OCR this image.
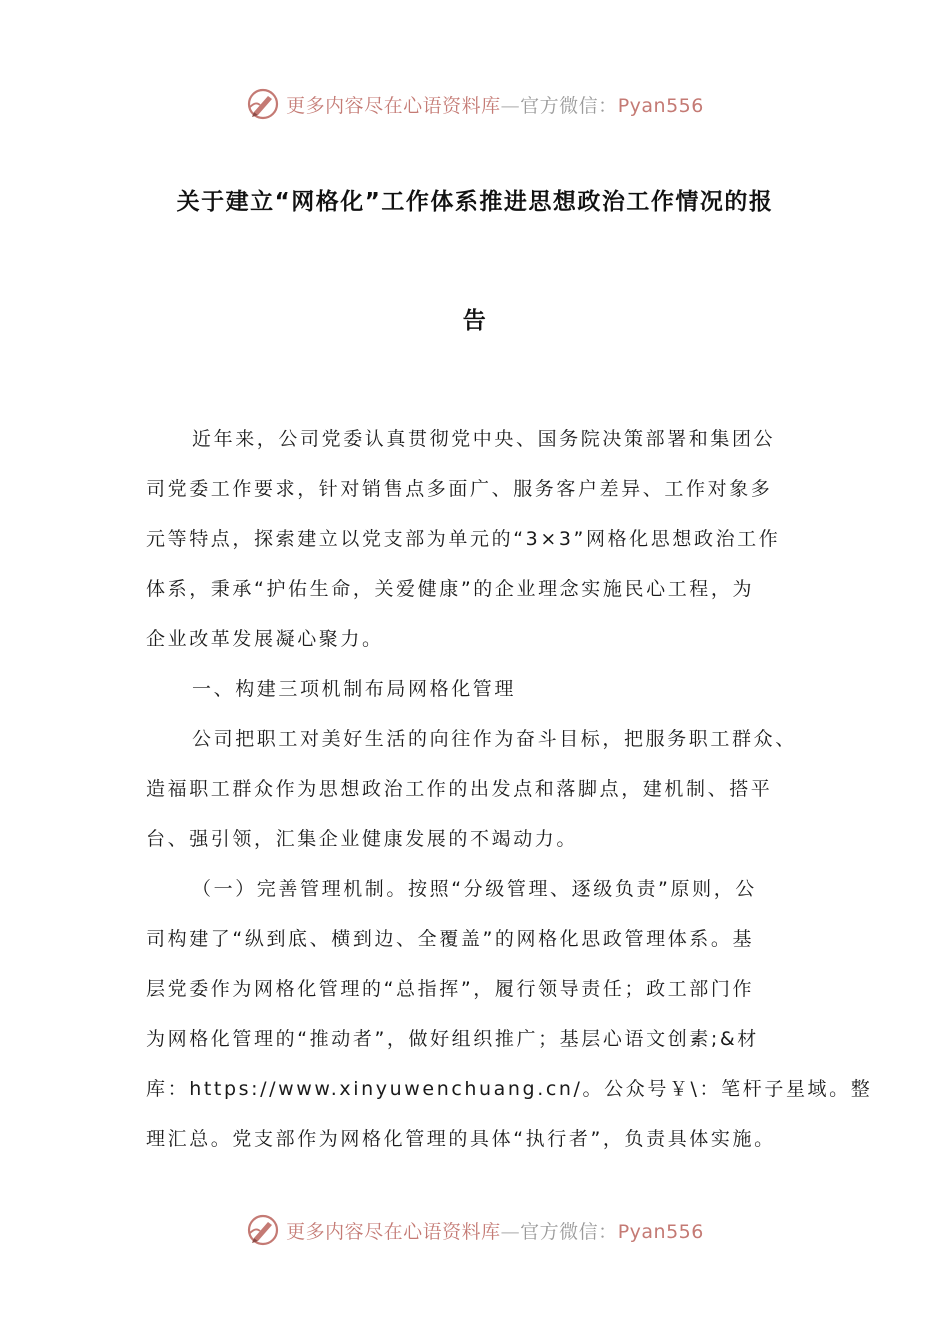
更多内容尽在心语资料库—官方微信：Pyan556
关于建立“网格化”工作体系推进思想政治工作情况的报
告
近年来，公司党委认真贯彻党中央、国务院决策部署和集团公
司党委工作要求，针对销售点多面广、服务客户差异、工作对象多
元等特点，探索建立以党支部为单元的“3×3”网格化思想政治工作
体系，秉承“护佑生命，关爱健康”的企业理念实施民心工程，为
企业改革发展凝心聚力。
一、构建三项机制布局网格化管理
公司把职工对美好生活的向往作为奋斗目标，把服务职工群众、
造福职工群众作为思想政治工作的出发点和落脚点，建机制、搭平
台、强引领，汇集企业健康发展的不竭动力。
（一）完善管理机制。按照“分级管理、逐级负责”原则，公
司构建了“纵到底、横到边、全覆盖”的网格化思政管理体系。基
层党委作为网格化管理的“总指挥”，履行领导责任；政工部门作
为网格化管理的“推动者”，做好组织推广；基层心语文创素;&材
库：https://www.xinyuwenchuang.cn/。公众号￥\：笔杆子星域。整
理汇总。党支部作为网格化管理的具体“执行者”，负责具体实施。
更多内容尽在心语资料库—官方微信：Pyan556
